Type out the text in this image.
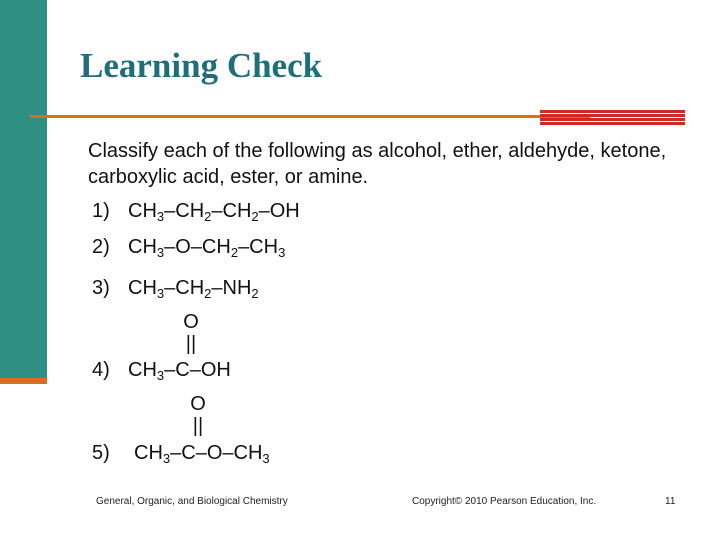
Learning Check
Classify each of the following as alcohol, ether, aldehyde, ketone, carboxylic acid, ester, or amine.
1) $CH_3-CH_2-CH_2-OH$
2) $CH_3-O-CH_2-CH_3$
3) $CH_3-CH_2-NH_2$
O
||
4) $CH_3-C-OH$
O
||
5) $CH_3-C-O-CH_3$
General, Organic, and Biological Chemistry	Copyright© 2010 Pearson Education, Inc.	11
